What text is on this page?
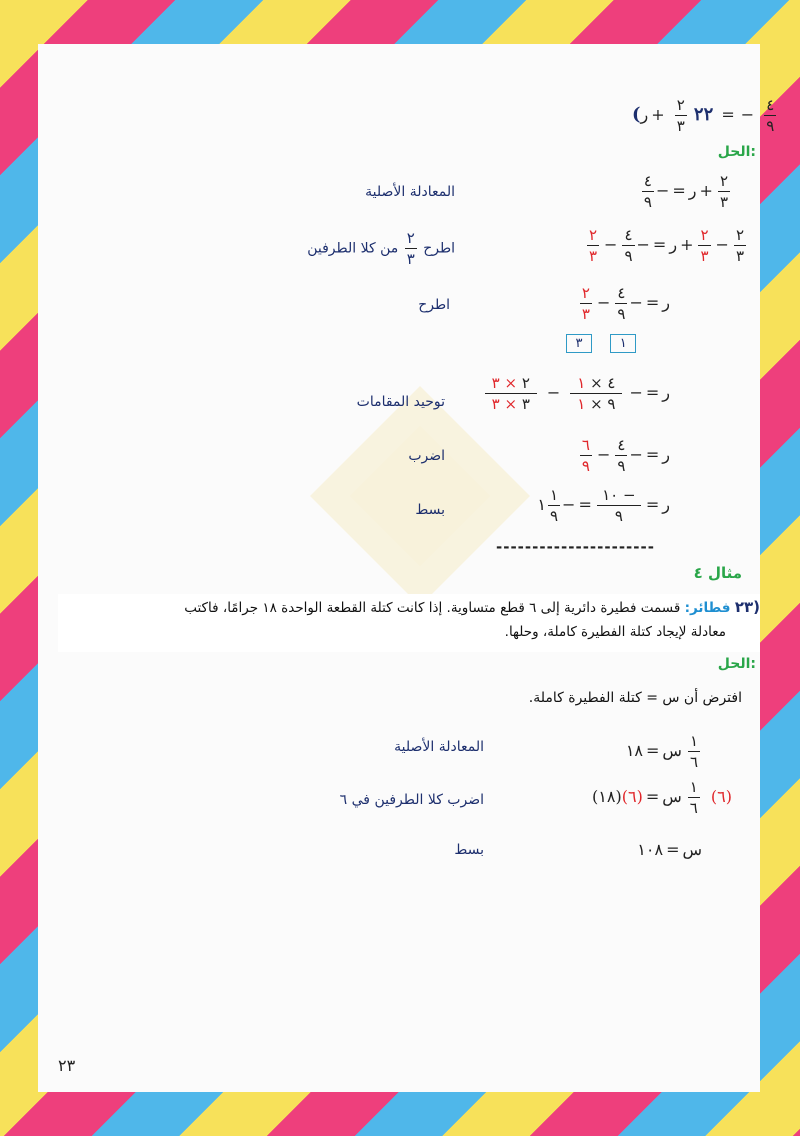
(٢٢
$\frac{٢}{٣}$
+ر	= − $\frac{٤}{٩}$
الحل:
$\frac{٢}{٣}$
+ر=−
$\frac{٤}{٩}$
المعادلة الأصلية
$\frac{٢}{٣}$
−
$\frac{٢}{٣}$
+ر=−
$\frac{٤}{٩}$
−
$\frac{٢}{٣}$
اطرح
$\frac{٢}{٣}$
من كلا الطرفين
ر=−
$\frac{٤}{٩}$
−
$\frac{٢}{٣}$
اطرح
٣	١
ر=−
$\frac{٤ \times ١}{٩ \times ١}$
−
$\frac{٢ \times ٣}{٣ \times ٣}$
توحيد المقامات
ر=−
$\frac{٤}{٩}$
−
$\frac{٦}{٩}$
اضرب
ر=
$\frac{- ١٠}{٩}$
=−
$\frac{١}{٩}$
١
بسط
----------------------
مثال ٤
(٢٣ فطائر: قسمت فطيرة دائرية إلى ٦ قطع متساوية. إذا كانت كتلة القطعة الواحدة ١٨ جرامًا، فاكتب
معادلة لإيجاد كتلة الفطيرة كاملة، وحلها.
الحل:
افترض أن س = كتلة الفطيرة كاملة.
$\frac{١}{٦}$
س=١٨
المعادلة الأصلية
(٦)
$\frac{١}{٦}$
س=(٦)(١٨)
اضرب كلا الطرفين في ٦
س=١٠٨
بسط
٢٣
